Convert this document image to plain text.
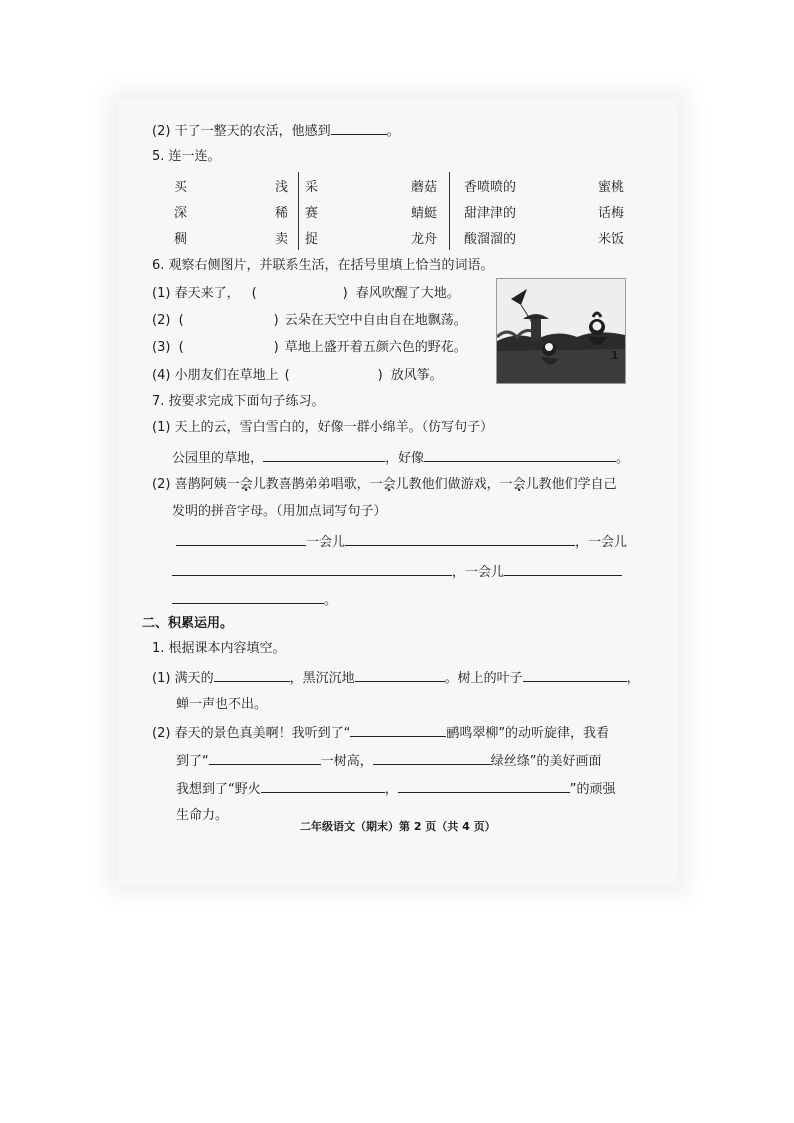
(2) 干了一整天的农活，他感到	。
5. 连一连。
买	浅	采	蘑菇	香喷喷的	蜜桃
深	稀	赛	蜻蜓	甜津津的	话梅
稠	卖	捉	龙舟	酸溜溜的	米饭
6. 观察右侧图片，并联系生活，在括号里填上恰当的词语。
(1) 春天来了， (	) 春风吹醒了大地。
(2) (	) 云朵在天空中自由自在地飘荡。
(3) (	) 草地上盛开着五颜六色的野花。
(4) 小朋友们在草地上 (	) 放风筝。
1
7. 按要求完成下面句子练习。
(1) 天上的云，雪白雪白的，好像一群小绵羊。（仿写句子）
公园里的草地，	，好像	。
(2) 喜鹊阿姨一会儿教喜鹊弟弟唱歌，一会儿教他们做游戏，一会儿教他们学自己
发明的拼音字母。（用加点词写句子）
一会儿	，一会儿
，一会儿
。
二、积累运用。
1. 根据课本内容填空。
(1) 满天的	，黑沉沉地	。树上的叶子	，
蝉一声也不出。
(2) 春天的景色真美啊！我听到了“	鹂鸣翠柳”的动听旋律，我看
到了“	一树高，	绿丝绦”的美好画面
我想到了“野火	，	”的顽强
生命力。
二年级语文（期末）第 2 页（共 4 页）
